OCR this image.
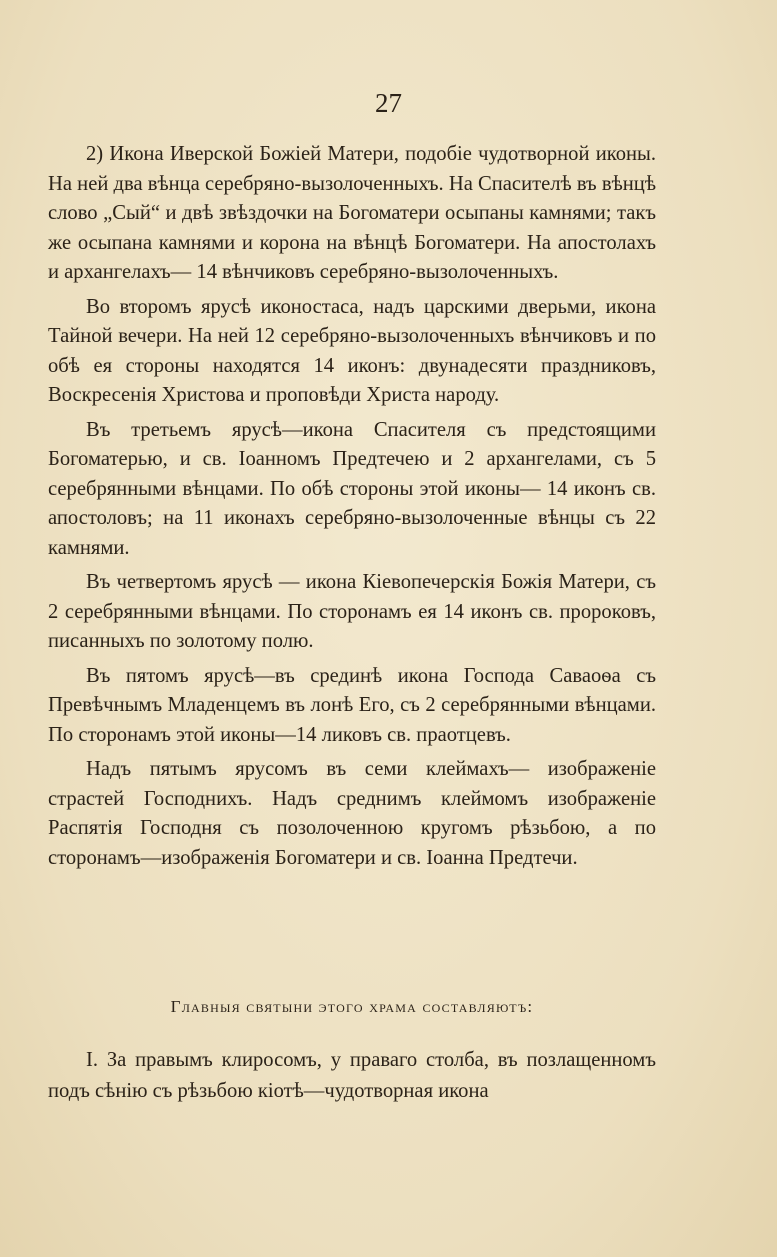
27

2) Икона Иверской Божіей Матери, подобіе чудотворной иконы. На ней два вѣнца серебряно-вызолоченныхъ. На Спасителѣ въ вѣнцѣ слово „Сый“ и двѣ звѣздочки на Богоматери осыпаны камнями; такъ же осыпана камнями и корона на вѣнцѣ Богоматери. На апостолахъ и архангелахъ— 14 вѣнчиковъ серебряно-вызолоченныхъ.

Во второмъ ярусѣ иконостаса, надъ царскими дверьми, икона Тайной вечери. На ней 12 серебряно-вызолоченныхъ вѣнчиковъ и по обѣ ея стороны находятся 14 иконъ: двунадесяти праздниковъ, Воскресенія Христова и проповѣди Христа народу.

Въ третьемъ ярусѣ—икона Спасителя съ предстоящими Богоматерью, и св. Іоанномъ Предтечею и 2 архангелами, съ 5 серебрянными вѣнцами. По обѣ стороны этой иконы— 14 иконъ св. апостоловъ; на 11 иконахъ серебряно-вызолоченные вѣнцы съ 22 камнями.

Въ четвертомъ ярусѣ — икона Кіевопечерскія Божія Матери, съ 2 серебрянными вѣнцами. По сторонамъ ея 14 иконъ св. пророковъ, писанныхъ по золотому полю.

Въ пятомъ ярусѣ—въ срединѣ икона Господа Саваоѳа съ Превѣчнымъ Младенцемъ въ лонѣ Его, съ 2 серебрянными вѣнцами. По сторонамъ этой иконы—14 ликовъ св. праотцевъ.

Надъ пятымъ ярусомъ въ семи клеймахъ— изображеніе страстей Господнихъ. Надъ среднимъ клеймомъ изображеніе Распятія Господня съ позолоченною кругомъ рѣзьбою, а по сторонамъ—изображенія Богоматери и св. Іоанна Предтечи.

Главныя святыни этого храма составляютъ:

I. За правымъ клиросомъ, у праваго столба, въ позлащенномъ подъ сѣнію съ рѣзьбою кіотѣ—чудотворная икона
